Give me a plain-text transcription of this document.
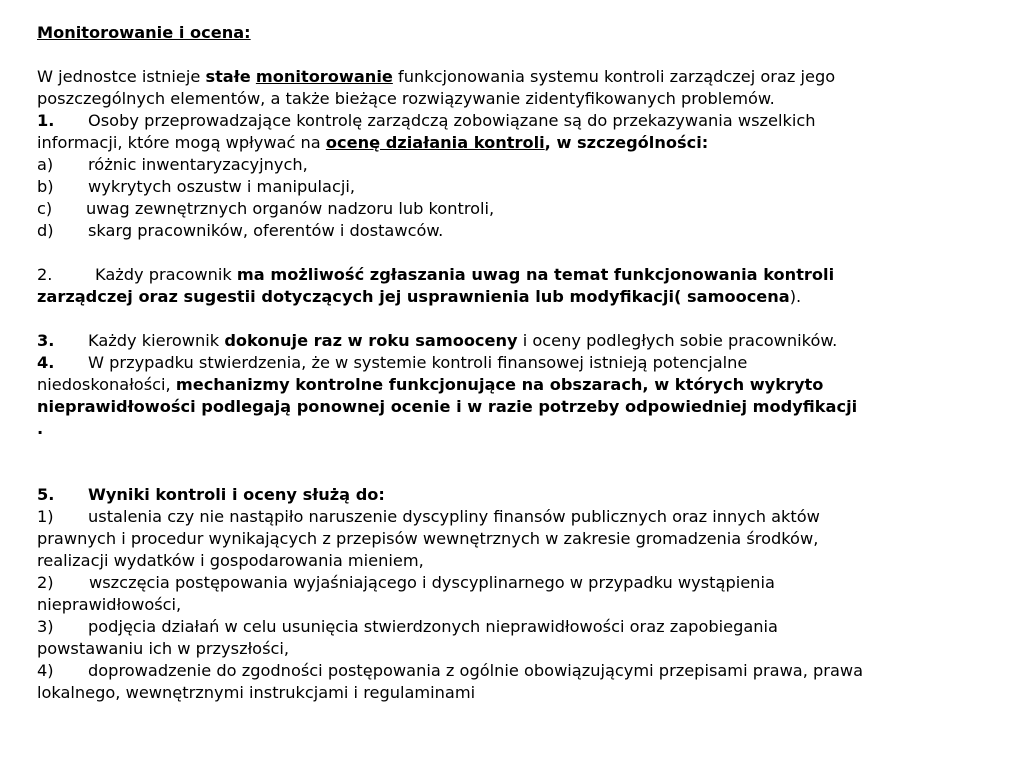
Monitorowanie i ocena:
W jednostce istnieje stałe monitorowanie funkcjonowania systemu kontroli zarządczej oraz jego
poszczególnych elementów, a także bieżące rozwiązywanie zidentyfikowanych problemów.
1. Osoby przeprowadzające kontrolę zarządczą zobowiązane są do przekazywania wszelkich
informacji, które mogą wpływać na ocenę działania kontroli, w szczególności:
a) różnic inwentaryzacyjnych,
b) wykrytych oszustw i manipulacji,
c) uwag zewnętrznych organów nadzoru lub kontroli,
d) skarg pracowników, oferentów i dostawców.
2.	Każdy pracownik ma możliwość zgłaszania uwag na temat funkcjonowania kontroli
zarządczej oraz sugestii dotyczących jej usprawnienia lub modyfikacji( samoocena).
3. Każdy kierownik dokonuje raz w roku samooceny i oceny podległych sobie pracowników.
4. W przypadku stwierdzenia, że w systemie kontroli finansowej istnieją potencjalne
niedoskonałości, mechanizmy kontrolne funkcjonujące na obszarach, w których wykryto
nieprawidłowości podlegają ponownej ocenie i w razie potrzeby odpowiedniej modyfikacji
.
5. Wyniki kontroli i oceny służą do:
1) ustalenia czy nie nastąpiło naruszenie dyscypliny finansów publicznych oraz innych aktów
prawnych i procedur wynikających z przepisów wewnętrznych w zakresie gromadzenia środków,
realizacji wydatków i gospodarowania mieniem,
2) wszczęcia postępowania wyjaśniającego i dyscyplinarnego w przypadku wystąpienia
nieprawidłowości,
3) podjęcia działań w celu usunięcia stwierdzonych nieprawidłowości oraz zapobiegania
powstawaniu ich w przyszłości,
4) doprowadzenie do zgodności postępowania z ogólnie obowiązującymi przepisami prawa, prawa
lokalnego, wewnętrznymi instrukcjami i regulaminami
